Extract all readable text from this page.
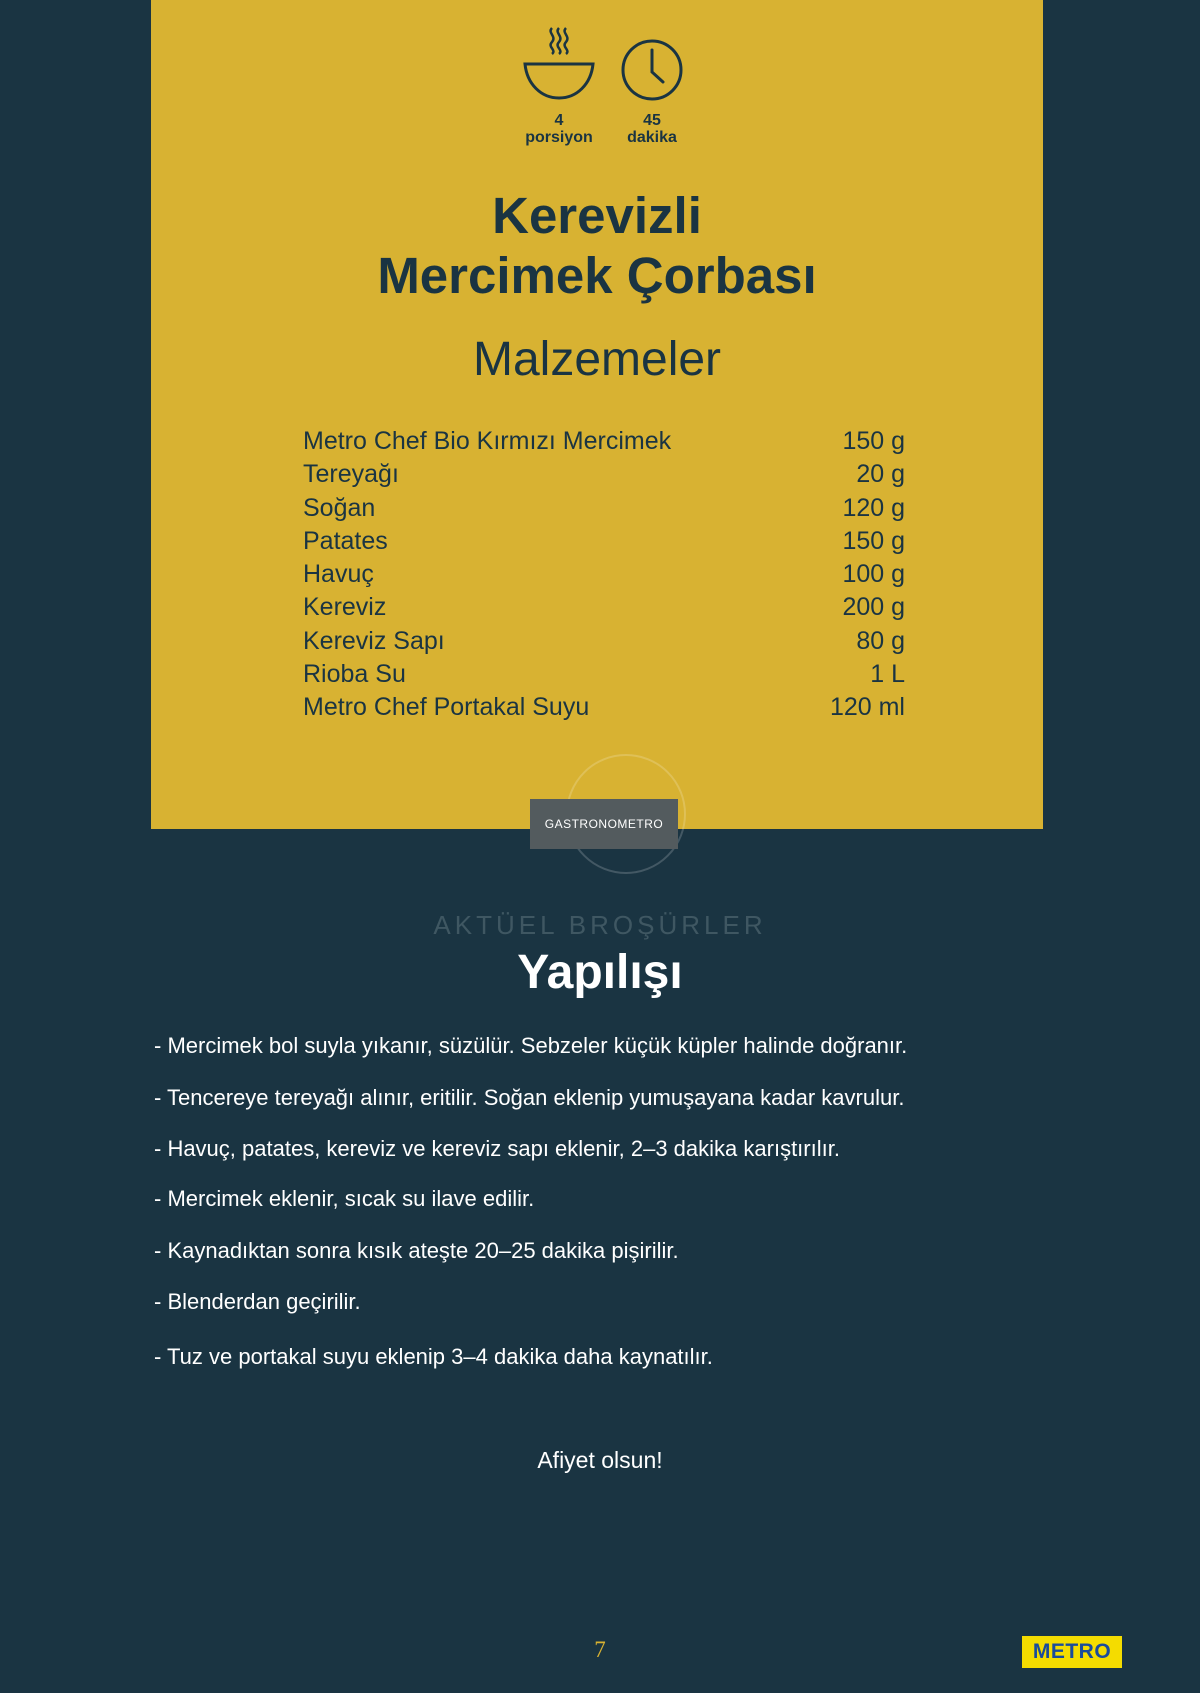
4
porsiyon
45
dakika
Kerevizli
Mercimek Çorbası
Malzemeler
Metro Chef Bio Kırmızı Mercimek	150 g
Tereyağı	20 g
Soğan	120 g
Patates	150 g
Havuç	100 g
Kereviz	200 g
Kereviz Sapı	80 g
Rioba Su	1 L
Metro Chef Portakal Suyu	120 ml
GASTRONOMETRO

AKTÜEL BROŞÜRLER

Yapılışı
- Mercimek bol suyla yıkanır, süzülür. Sebzeler küçük küpler halinde doğranır.
- Tencereye tereyağı alınır, eritilir. Soğan eklenip yumuşayana kadar kavrulur.
- Havuç, patates, kereviz ve kereviz sapı eklenir, 2–3 dakika karıştırılır.
- Mercimek eklenir, sıcak su ilave edilir.
- Kaynadıktan sonra kısık ateşte 20–25 dakika pişirilir.
- Blenderdan geçirilir.
- Tuz ve portakal suyu eklenip 3–4 dakika daha kaynatılır.

Afiyet olsun!

7	METRO
